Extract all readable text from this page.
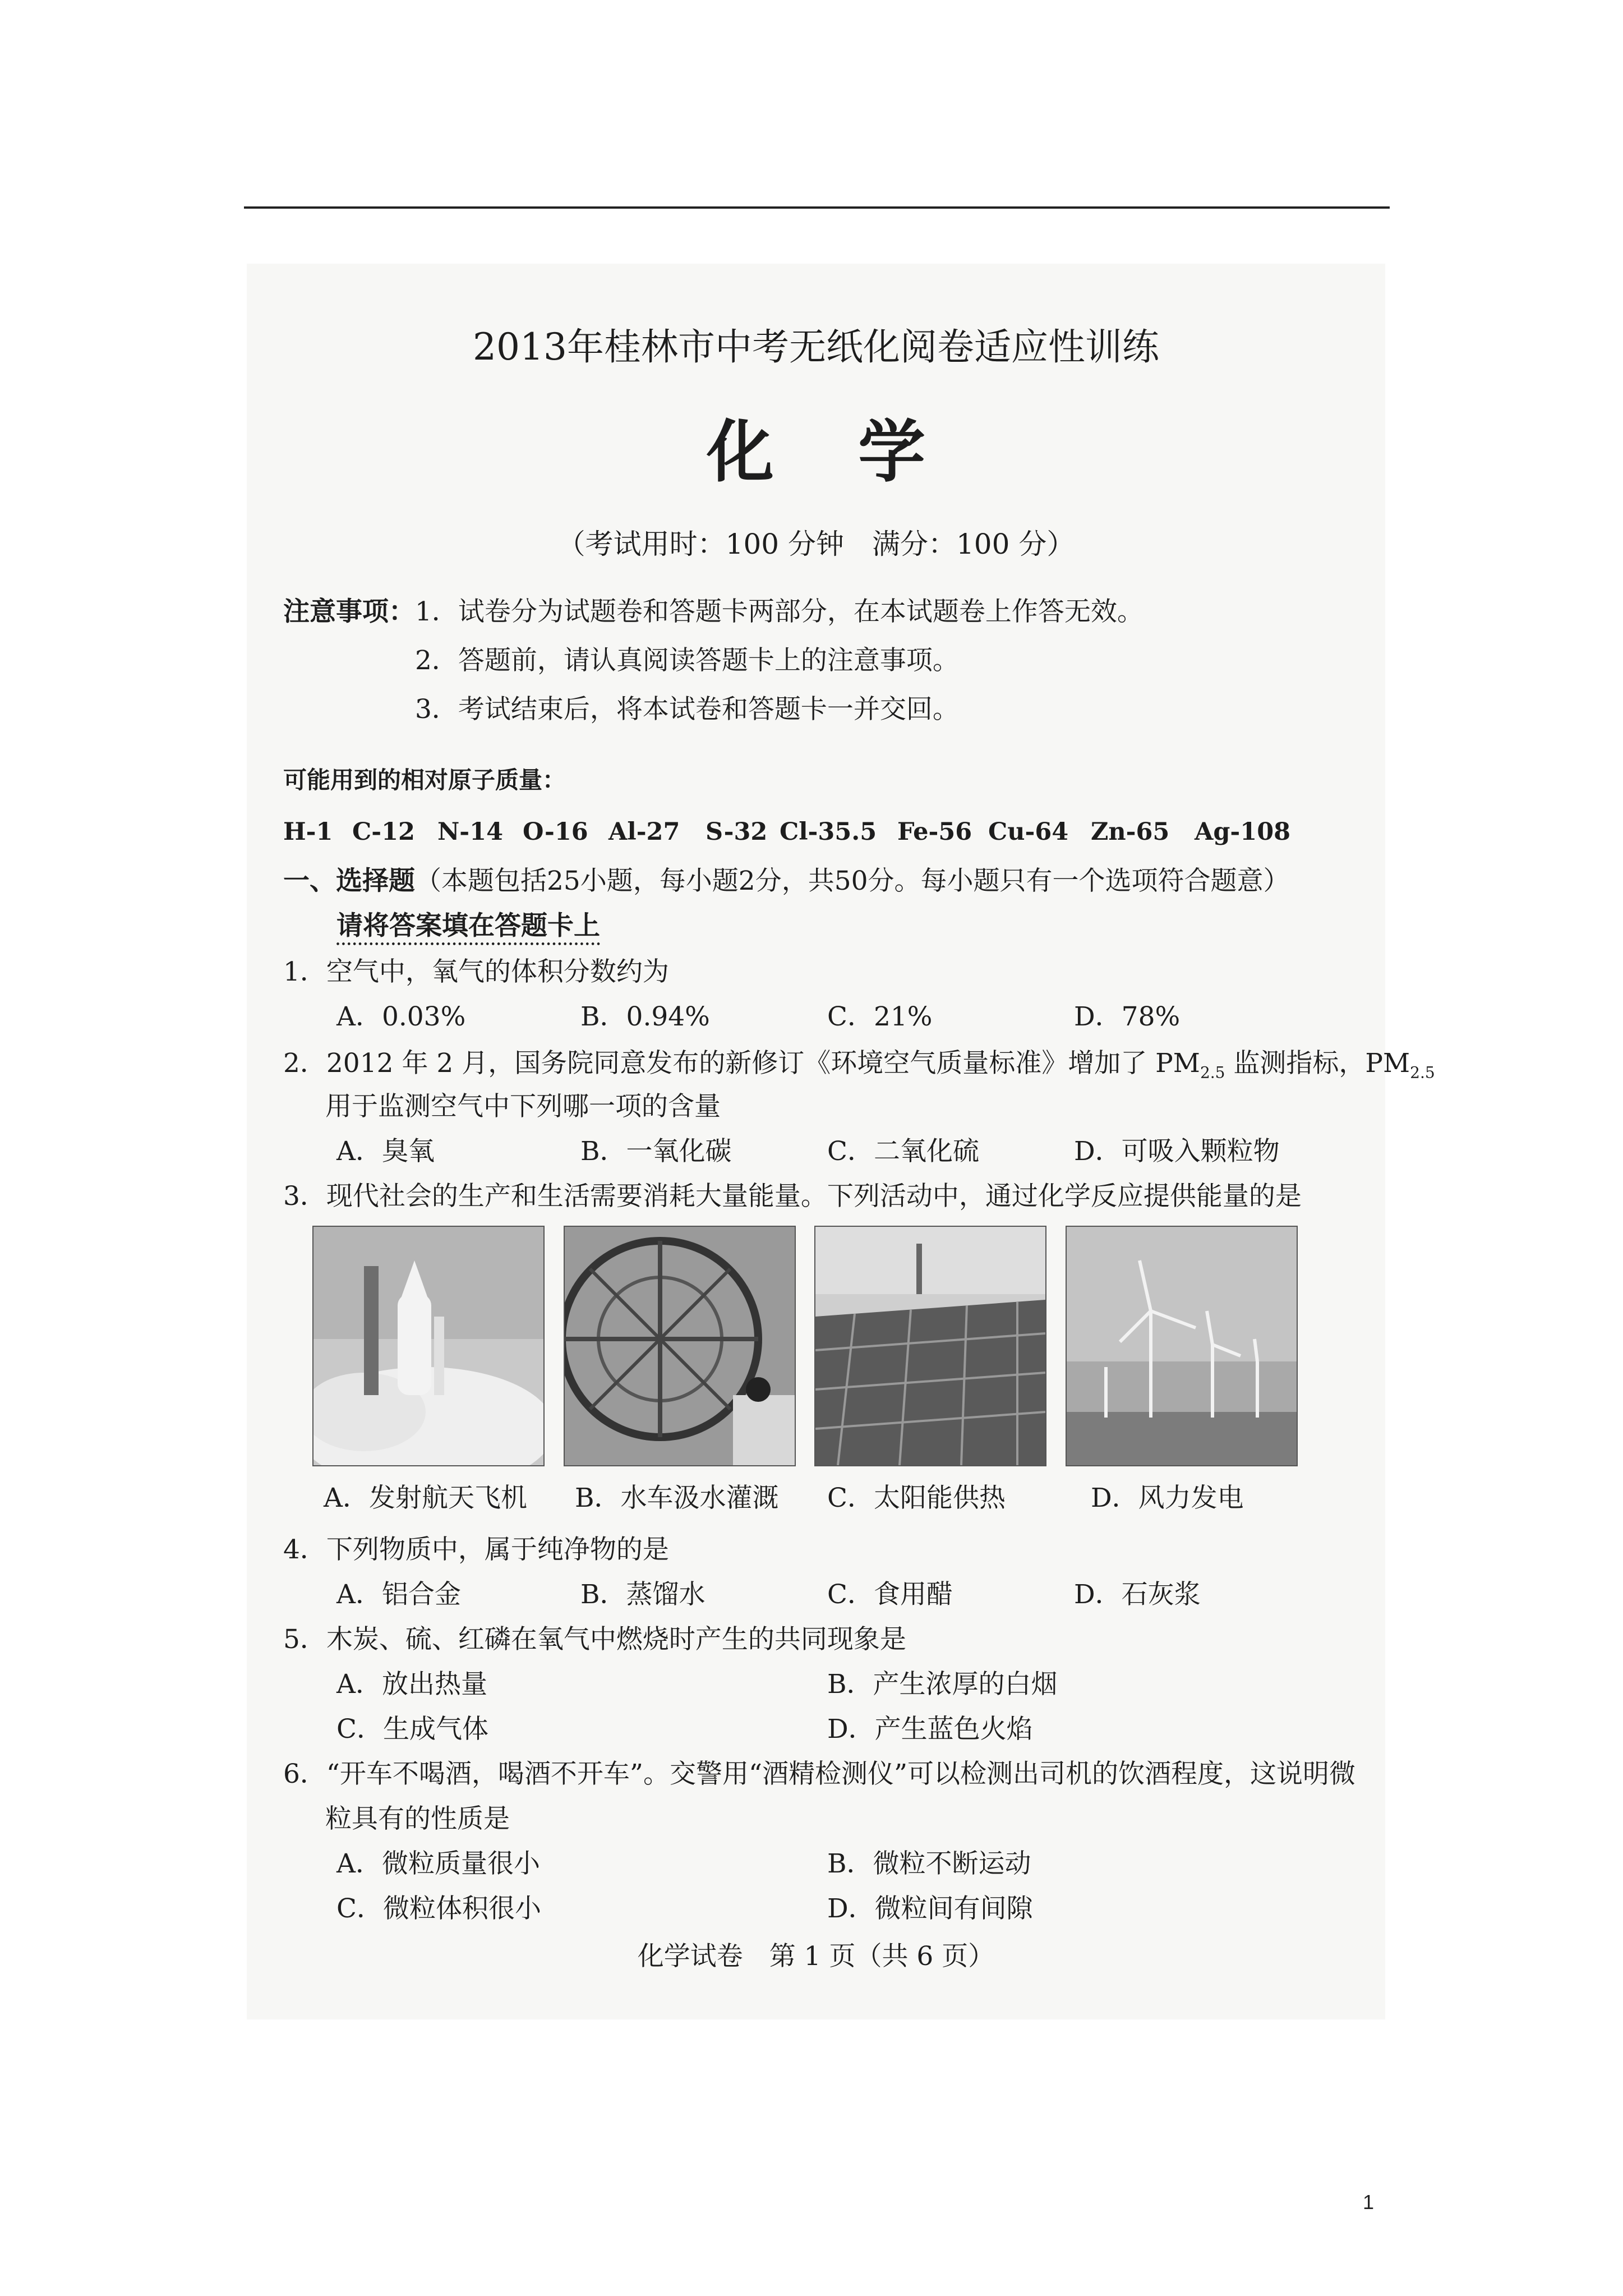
2013年桂林市中考无纸化阅卷适应性训练
化学
（考试用时：100 分钟　满分：100 分）
注意事项： 1．试卷分为试题卷和答题卡两部分，在本试题卷上作答无效。
2．答题前，请认真阅读答题卡上的注意事项。
3．考试结束后，将本试卷和答题卡一并交回。
可能用到的相对原子质量：
H-1 C-12 N-14 O-16 Al-27 S-32 Cl-35.5 Fe-56 Cu-64 Zn-65 Ag-108
一、选择题（本题包括25小题，每小题2分，共50分。每小题只有一个选项符合题意）
请将答案填在答题卡上
1．空气中，氧气的体积分数约为
A．0.03%	B．0.94%	C．21%	D．78%
2．2012 年 2 月，国务院同意发布的新修订《环境空气质量标准》增加了 $PM_{2.5}$ 监测指标，$PM_{2.5}$
用于监测空气中下列哪一项的含量
A．臭氧	B．一氧化碳	C．二氧化硫	D．可吸入颗粒物
3．现代社会的生产和生活需要消耗大量能量。下列活动中，通过化学反应提供能量的是
A．发射航天飞机 B．水车汲水灌溉 C．太阳能供热	D．风力发电
4．下列物质中，属于纯净物的是
A．铝合金	B．蒸馏水	C．食用醋	D．石灰浆
5．木炭、硫、红磷在氧气中燃烧时产生的共同现象是
A．放出热量	B．产生浓厚的白烟
C．生成气体	D．产生蓝色火焰
6．“开车不喝酒，喝酒不开车”。交警用“酒精检测仪”可以检测出司机的饮酒程度，这说明微
粒具有的性质是
A．微粒质量很小	B．微粒不断运动
C．微粒体积很小	D．微粒间有间隙
化学试卷　第 1 页（共 6 页）
1
